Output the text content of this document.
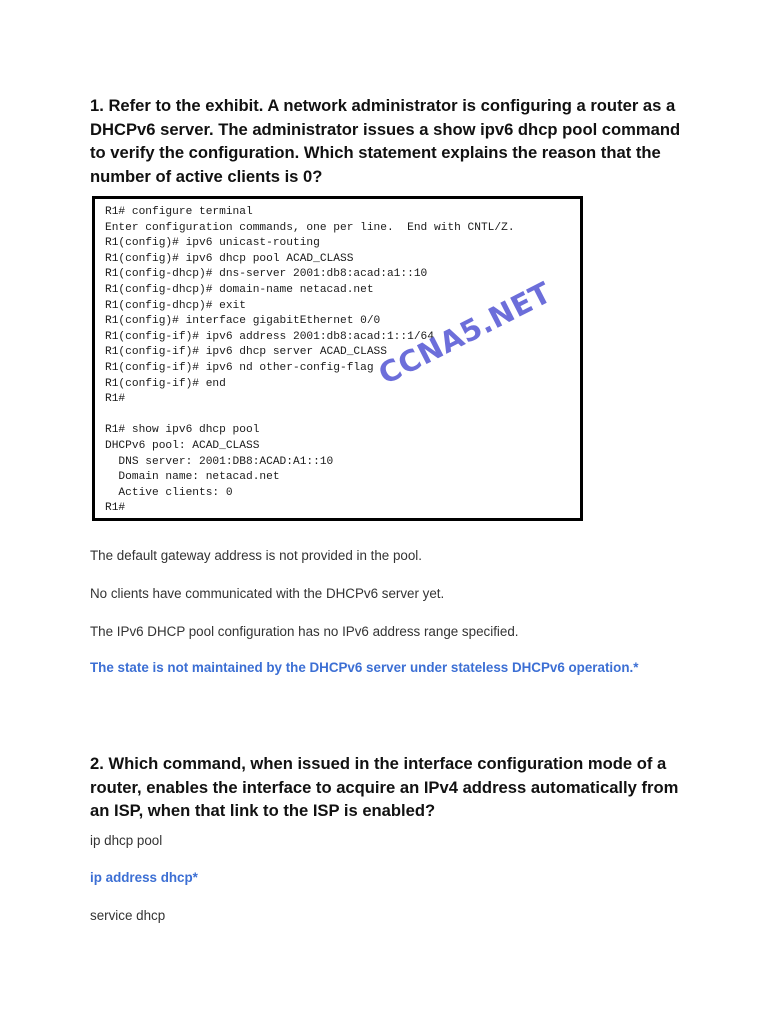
1. Refer to the exhibit. A network administrator is configuring a router as a DHCPv6 server. The administrator issues a show ipv6 dhcp pool command to verify the configuration. Which statement explains the reason that the number of active clients is 0?

R1# configure terminal
Enter configuration commands, one per line.  End with CNTL/Z.
R1(config)# ipv6 unicast-routing
R1(config)# ipv6 dhcp pool ACAD_CLASS
R1(config-dhcp)# dns-server 2001:db8:acad:a1::10
R1(config-dhcp)# domain-name netacad.net
R1(config-dhcp)# exit
R1(config)# interface gigabitEthernet 0/0
R1(config-if)# ipv6 address 2001:db8:acad:1::1/64
R1(config-if)# ipv6 dhcp server ACAD_CLASS
R1(config-if)# ipv6 nd other-config-flag
R1(config-if)# end
R1#
R1# show ipv6 dhcp pool
DHCPv6 pool: ACAD_CLASS
DNS server: 2001:DB8:ACAD:A1::10
Domain name: netacad.net
Active clients: 0
R1#
CCNA5.NET

The default gateway address is not provided in the pool.

No clients have communicated with the DHCPv6 server yet.

The IPv6 DHCP pool configuration has no IPv6 address range specified.

The state is not maintained by the DHCPv6 server under stateless DHCPv6 operation.*

2. Which command, when issued in the interface configuration mode of a router, enables the interface to acquire an IPv4 address automatically from an ISP, when that link to the ISP is enabled?

ip dhcp pool

ip address dhcp*

service dhcp
